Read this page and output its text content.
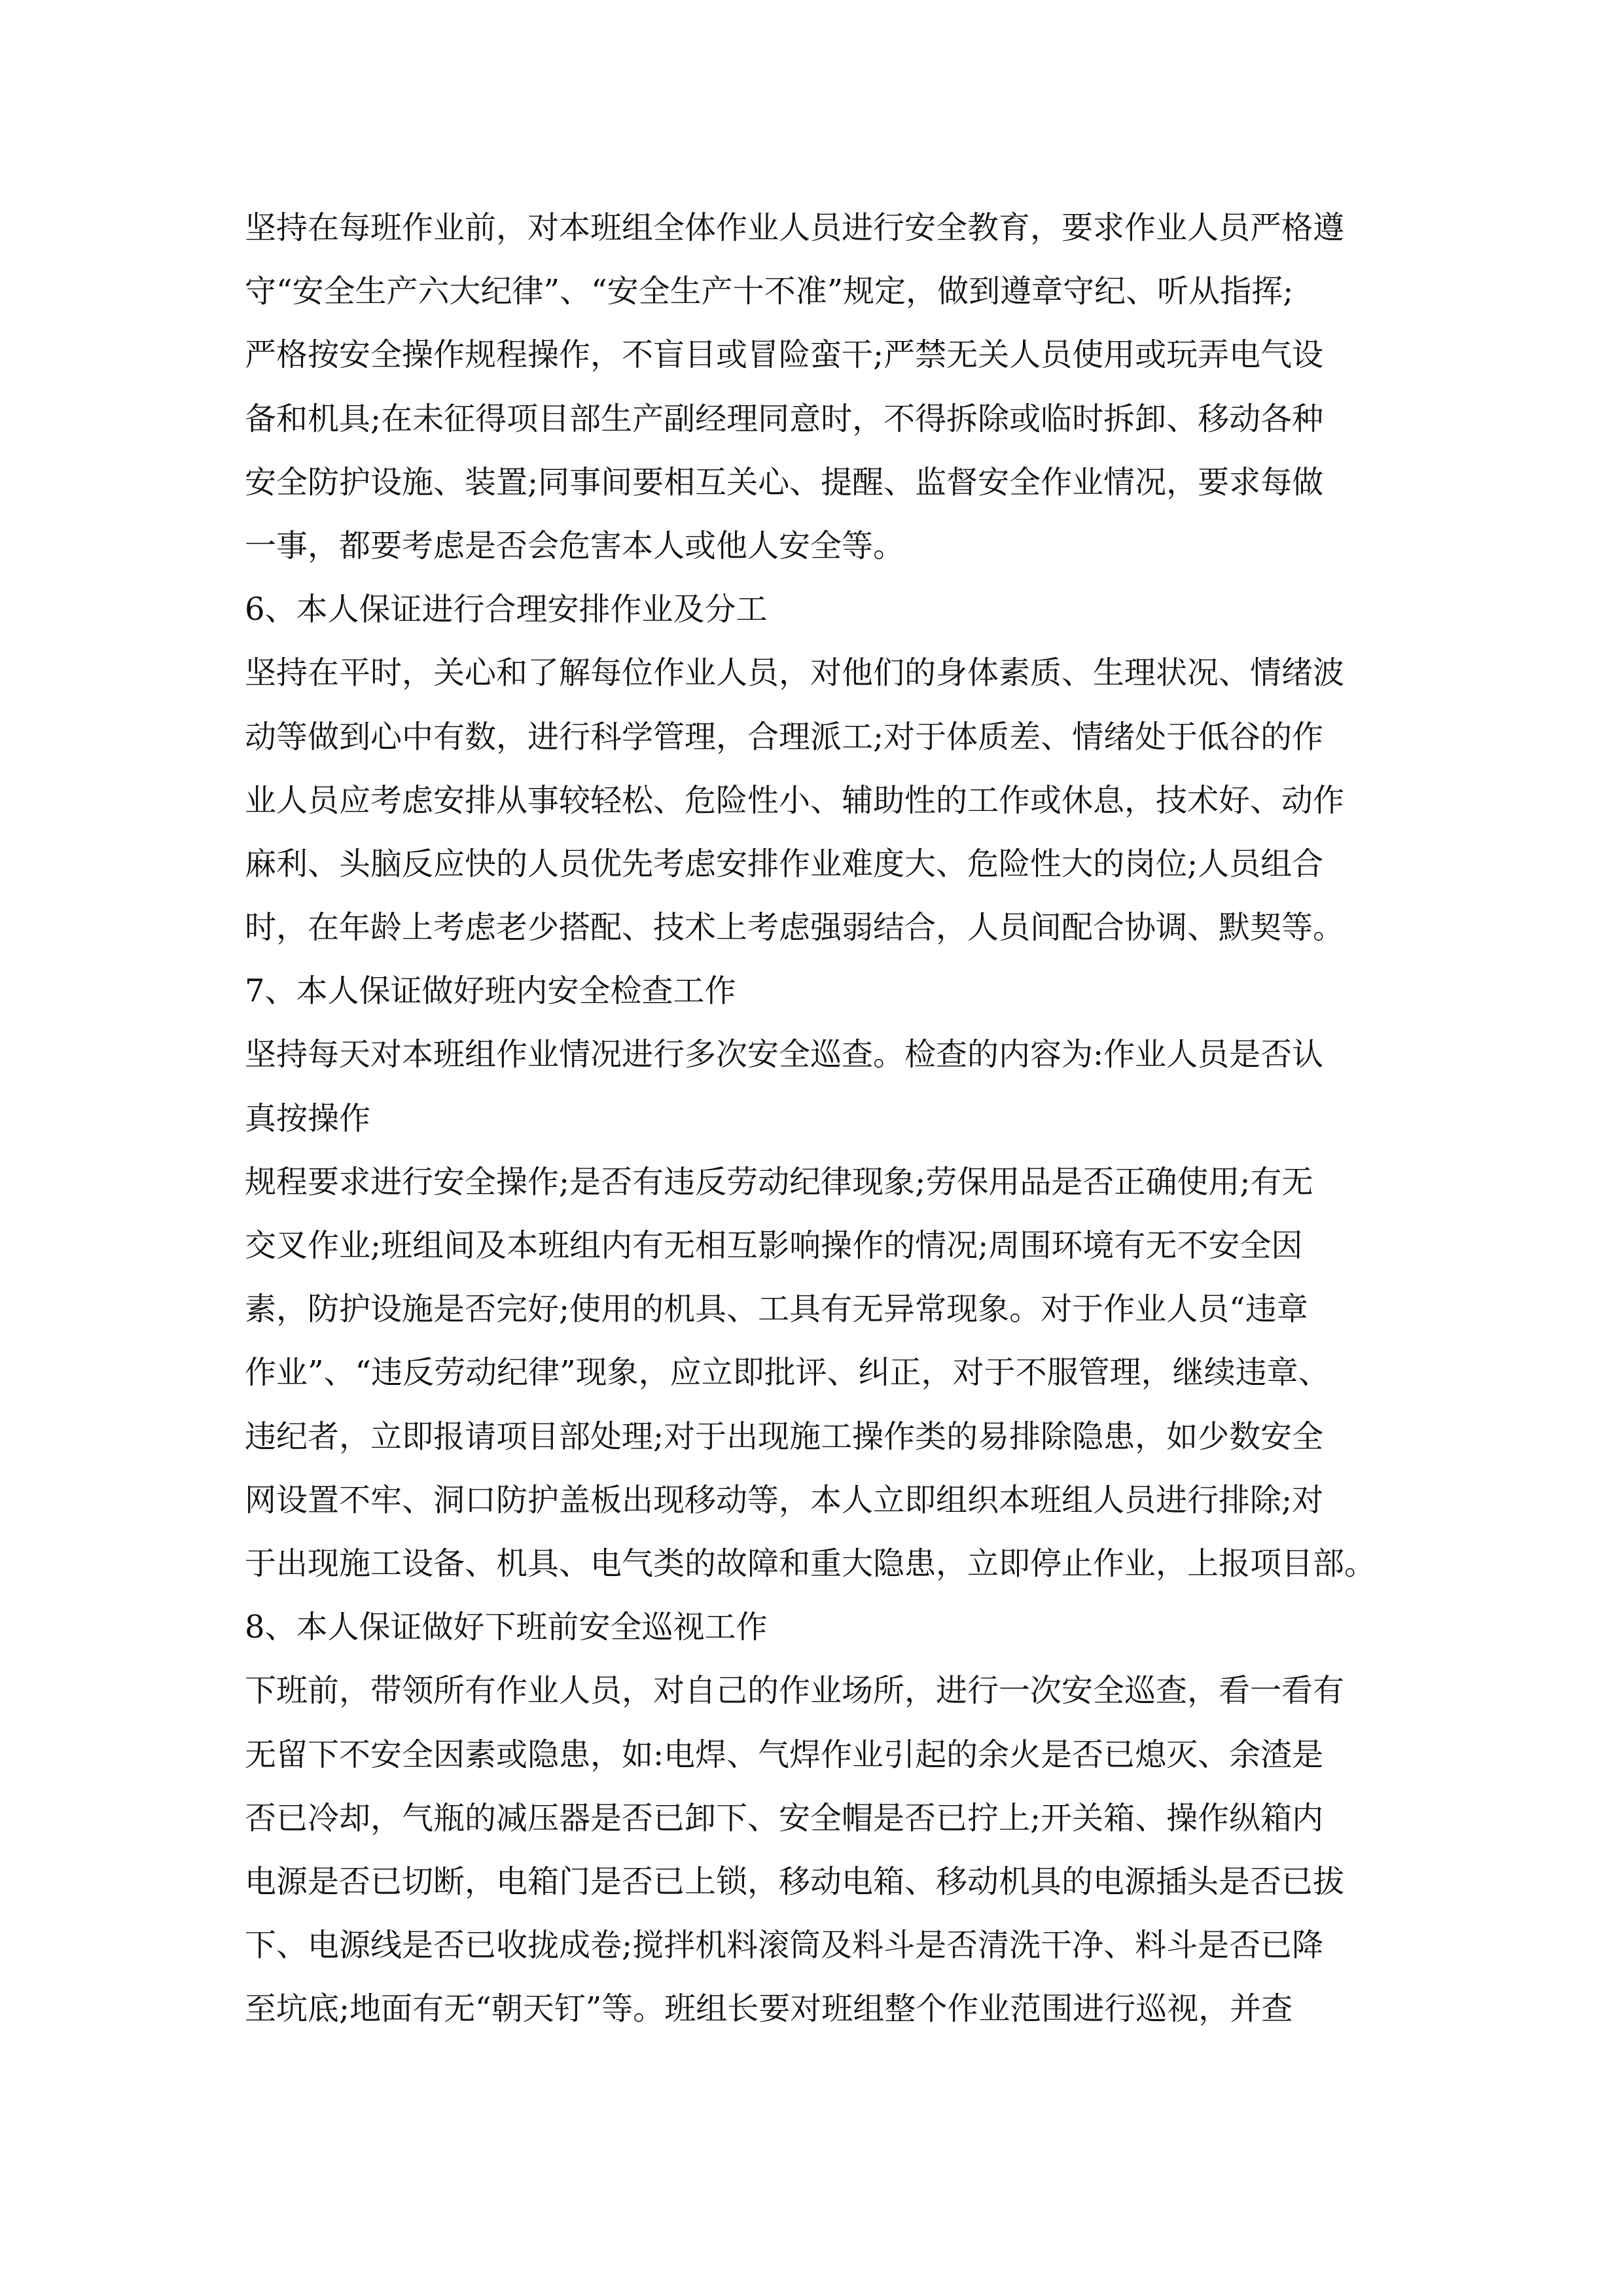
坚持在每班作业前，对本班组全体作业人员进行安全教育，要求作业人员严格遵
守“安全生产六大纪律”、“安全生产十不准”规定，做到遵章守纪、听从指挥;
严格按安全操作规程操作，不盲目或冒险蛮干;严禁无关人员使用或玩弄电气设
备和机具;在未征得项目部生产副经理同意时，不得拆除或临时拆卸、移动各种
安全防护设施、装置;同事间要相互关心、提醒、监督安全作业情况，要求每做
一事，都要考虑是否会危害本人或他人安全等。
6、本人保证进行合理安排作业及分工
坚持在平时，关心和了解每位作业人员，对他们的身体素质、生理状况、情绪波
动等做到心中有数，进行科学管理，合理派工;对于体质差、情绪处于低谷的作
业人员应考虑安排从事较轻松、危险性小、辅助性的工作或休息，技术好、动作
麻利、头脑反应快的人员优先考虑安排作业难度大、危险性大的岗位;人员组合
时，在年龄上考虑老少搭配、技术上考虑强弱结合，人员间配合协调、默契等。
7、本人保证做好班内安全检查工作
坚持每天对本班组作业情况进行多次安全巡查。检查的内容为:作业人员是否认
真按操作
规程要求进行安全操作;是否有违反劳动纪律现象;劳保用品是否正确使用;有无
交叉作业;班组间及本班组内有无相互影响操作的情况;周围环境有无不安全因
素，防护设施是否完好;使用的机具、工具有无异常现象。对于作业人员“违章
作业”、“违反劳动纪律”现象，应立即批评、纠正，对于不服管理，继续违章、
违纪者，立即报请项目部处理;对于出现施工操作类的易排除隐患，如少数安全
网设置不牢、洞口防护盖板出现移动等，本人立即组织本班组人员进行排除;对
于出现施工设备、机具、电气类的故障和重大隐患，立即停止作业，上报项目部。
8、本人保证做好下班前安全巡视工作
下班前，带领所有作业人员，对自己的作业场所，进行一次安全巡查，看一看有
无留下不安全因素或隐患，如:电焊、气焊作业引起的余火是否已熄灭、余渣是
否已冷却，气瓶的减压器是否已卸下、安全帽是否已拧上;开关箱、操作纵箱内
电源是否已切断，电箱门是否已上锁，移动电箱、移动机具的电源插头是否已拔
下、电源线是否已收拢成卷;搅拌机料滚筒及料斗是否清洗干净、料斗是否已降
至坑底;地面有无“朝天钉”等。班组长要对班组整个作业范围进行巡视，并查
